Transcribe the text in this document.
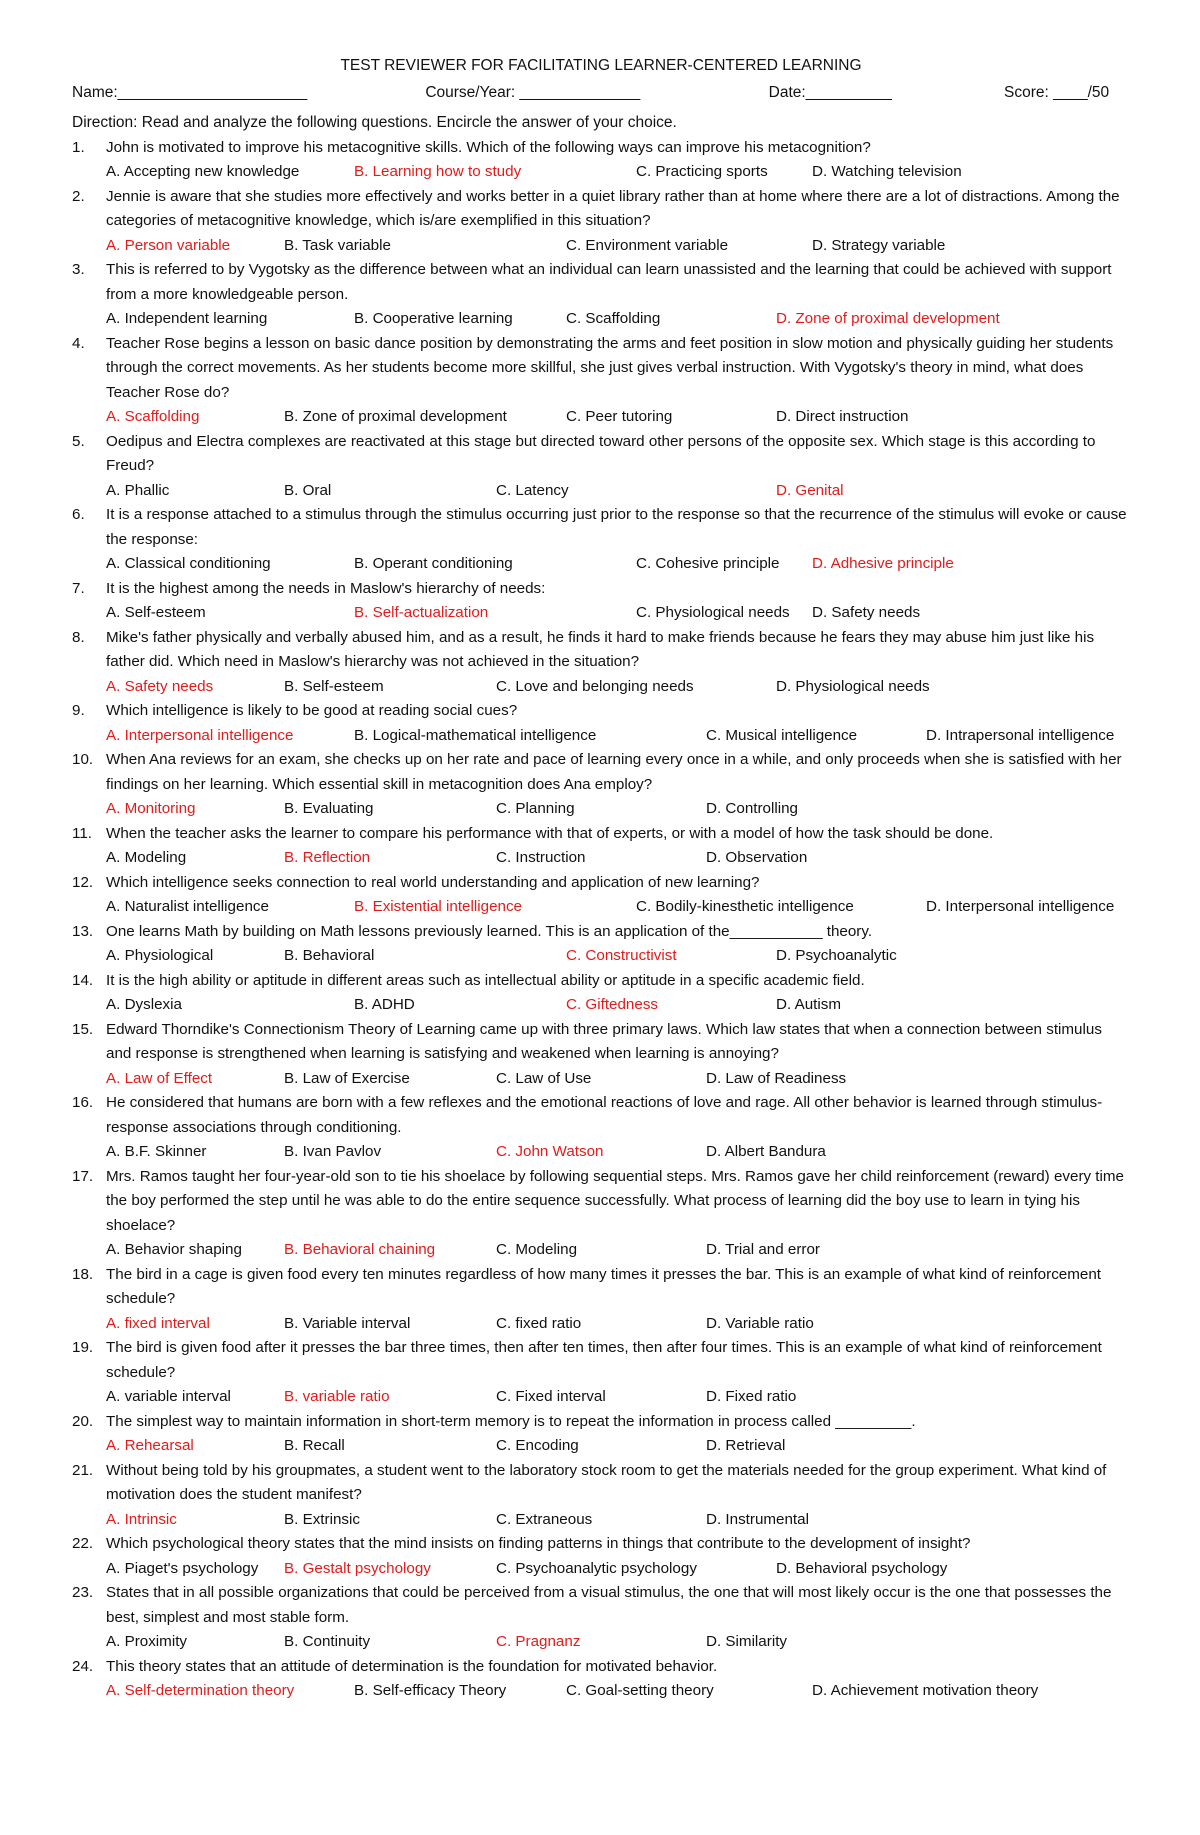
TEST REVIEWER FOR FACILITATING LEARNER-CENTERED LEARNING
Name:______________________	Course/Year: ______________	Date:__________	Score: ____/50
Direction: Read and analyze the following questions. Encircle the answer of your choice.
1. John is motivated to improve his metacognitive skills. Which of the following ways can improve his metacognition?
A. Accepting new knowledge	B. Learning how to study	C. Practicing sports	D. Watching television
2. Jennie is aware that she studies more effectively and works better in a quiet library rather than at home where there are a lot of distractions. Among the categories of metacognitive knowledge, which is/are exemplified in this situation?
A. Person variable	B. Task variable	C. Environment variable	D. Strategy variable
3. This is referred to by Vygotsky as the difference between what an individual can learn unassisted and the learning that could be achieved with support from a more knowledgeable person.
A. Independent learning	B. Cooperative learning	C. Scaffolding	D. Zone of proximal development
4. Teacher Rose begins a lesson on basic dance position by demonstrating the arms and feet position in slow motion and physically guiding her students through the correct movements. As her students become more skillful, she just gives verbal instruction. With Vygotsky's theory in mind, what does Teacher Rose do?
A. Scaffolding	B. Zone of proximal development	C. Peer tutoring	D. Direct instruction
5. Oedipus and Electra complexes are reactivated at this stage but directed toward other persons of the opposite sex. Which stage is this according to Freud?
A. Phallic	B. Oral	C. Latency	D. Genital
6. It is a response attached to a stimulus through the stimulus occurring just prior to the response so that the recurrence of the stimulus will evoke or cause the response:
A. Classical conditioning	B. Operant conditioning	C. Cohesive principle D. Adhesive principle
7. It is the highest among the needs in Maslow's hierarchy of needs:
A. Self-esteem	B. Self-actualization	C. Physiological needs D. Safety needs
8. Mike's father physically and verbally abused him, and as a result, he finds it hard to make friends because he fears they may abuse him just like his father did. Which need in Maslow's hierarchy was not achieved in the situation?
A. Safety needs	B. Self-esteem	C. Love and belonging needs	D. Physiological needs
9. Which intelligence is likely to be good at reading social cues?
A. Interpersonal intelligence	B. Logical-mathematical intelligence	C. Musical intelligence	D. Intrapersonal intelligence
10. When Ana reviews for an exam, she checks up on her rate and pace of learning every once in a while, and only proceeds when she is satisfied with her findings on her learning. Which essential skill in metacognition does Ana employ?
A. Monitoring	B. Evaluating	C. Planning	D. Controlling
11. When the teacher asks the learner to compare his performance with that of experts, or with a model of how the task should be done.
A. Modeling	B. Reflection	C. Instruction	D. Observation
12. Which intelligence seeks connection to real world understanding and application of new learning?
A. Naturalist intelligence	B. Existential intelligence	C. Bodily-kinesthetic intelligence	D. Interpersonal intelligence
13. One learns Math by building on Math lessons previously learned. This is an application of the___________ theory.
A. Physiological	B. Behavioral	C. Constructivist	D. Psychoanalytic
14. It is the high ability or aptitude in different areas such as intellectual ability or aptitude in a specific academic field.
A. Dyslexia	B. ADHD	C. Giftedness	D. Autism
15. Edward Thorndike's Connectionism Theory of Learning came up with three primary laws. Which law states that when a connection between stimulus and response is strengthened when learning is satisfying and weakened when learning is annoying?
A. Law of Effect	B. Law of Exercise	C. Law of Use	D. Law of Readiness
16. He considered that humans are born with a few reflexes and the emotional reactions of love and rage. All other behavior is learned through stimulus- response associations through conditioning.
A. B.F. Skinner	B. Ivan Pavlov	C. John Watson	D. Albert Bandura
17. Mrs. Ramos taught her four-year-old son to tie his shoelace by following sequential steps. Mrs. Ramos gave her child reinforcement (reward) every time the boy performed the step until he was able to do the entire sequence successfully. What process of learning did the boy use to learn in tying his shoelace?
A. Behavior shaping	B. Behavioral chaining	C. Modeling	D. Trial and error
18. The bird in a cage is given food every ten minutes regardless of how many times it presses the bar. This is an example of what kind of reinforcement schedule?
A. fixed interval	B. Variable interval	C. fixed ratio	D. Variable ratio
19. The bird is given food after it presses the bar three times, then after ten times, then after four times. This is an example of what kind of reinforcement schedule?
A. variable interval	B. variable ratio	C. Fixed interval	D. Fixed ratio
20. The simplest way to maintain information in short-term memory is to repeat the information in process called _________.
A. Rehearsal	B. Recall	C. Encoding	D. Retrieval
21. Without being told by his groupmates, a student went to the laboratory stock room to get the materials needed for the group experiment. What kind of motivation does the student manifest?
A. Intrinsic	B. Extrinsic	C. Extraneous	D. Instrumental
22. Which psychological theory states that the mind insists on finding patterns in things that contribute to the development of insight?
A. Piaget's psychology B. Gestalt psychology	C. Psychoanalytic psychology	D. Behavioral psychology
23. States that in all possible organizations that could be perceived from a visual stimulus, the one that will most likely occur is the one that possesses the best, simplest and most stable form.
A. Proximity	B. Continuity	C. Pragnanz	D. Similarity
24. This theory states that an attitude of determination is the foundation for motivated behavior.
A. Self-determination theory	B. Self-efficacy Theory	C. Goal-setting theory	D. Achievement motivation theory
